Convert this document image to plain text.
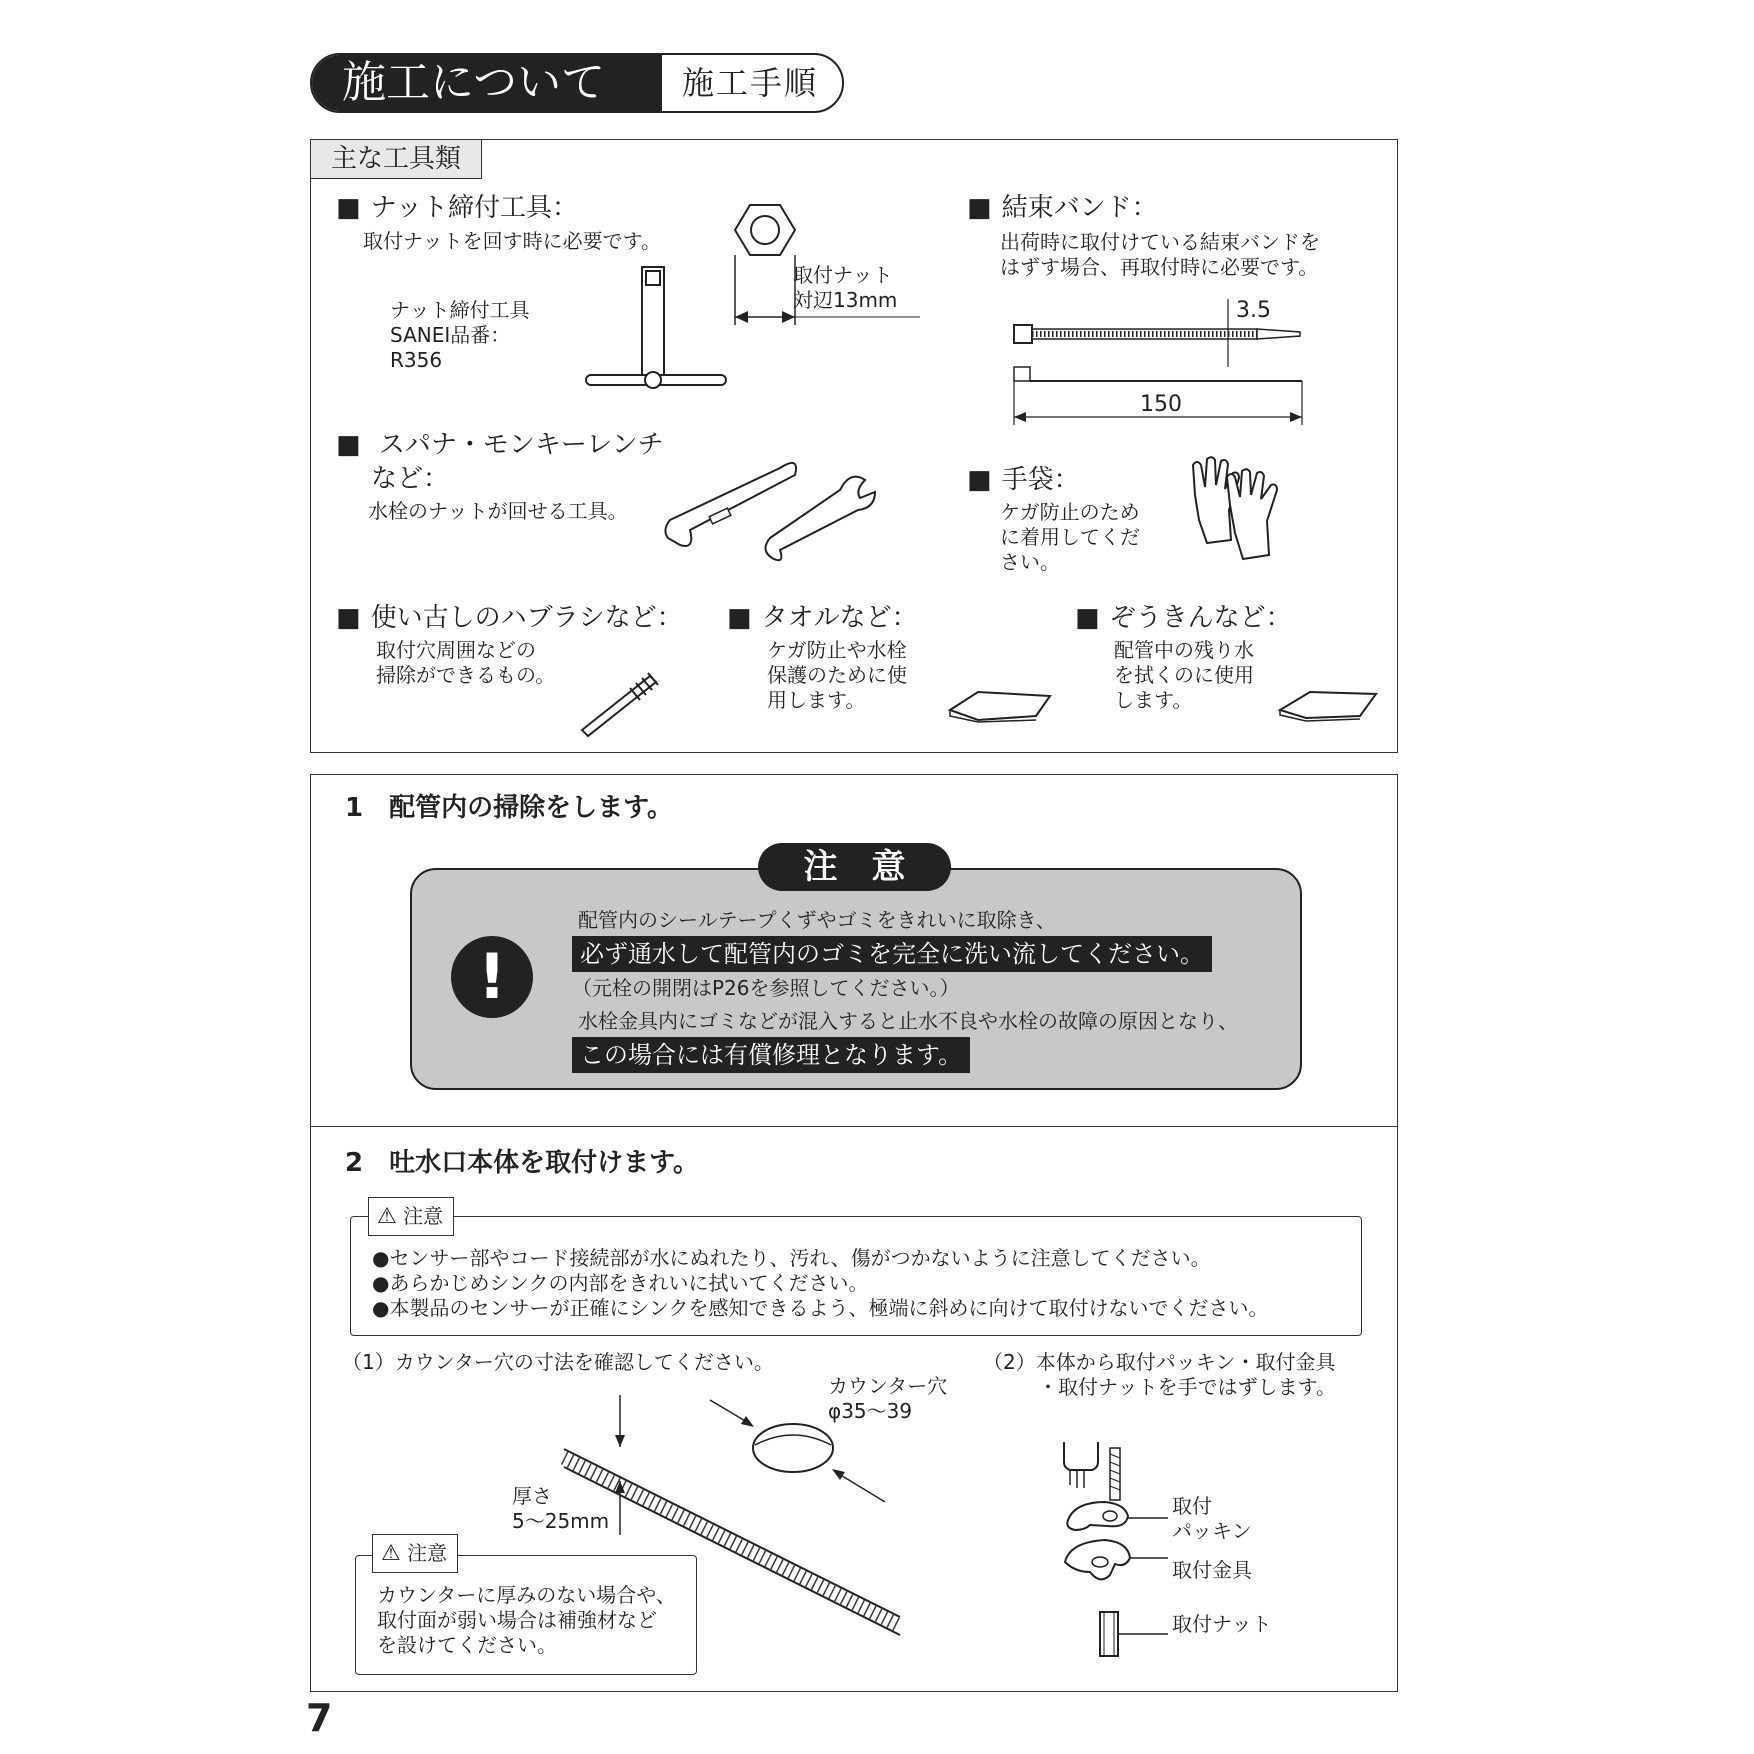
施工について	施工手順
主な工具類
■ ナット締付工具：
取付ナットを回す時に必要です。
ナット締付工具
SANEI品番：
R356
取付ナット
対辺13mm
■ 結束バンド：
出荷時に取付けている結束バンドを
はずす場合、再取付時に必要です。
3.5
150
■ スパナ・モンキーレンチ
など：
水栓のナットが回せる工具。
■ 手袋：
ケガ防止のため
に着用してくだ
さい。
■ 使い古しのハブラシなど：
取付穴周囲などの
掃除ができるもの。
■ タオルなど：
ケガ防止や水栓
保護のために使
用します。
■ ぞうきんなど：
配管中の残り水
を拭くのに使用
します。
1　配管内の掃除をします。
注　意
!
配管内のシールテープくずやゴミをきれいに取除き、
必ず通水して配管内のゴミを完全に洗い流してください。
（元栓の開閉はP26を参照してください。）
水栓金具内にゴミなどが混入すると止水不良や水栓の故障の原因となり、
この場合には有償修理となります。
2　吐水口本体を取付けます。
⚠ 注意
●センサー部やコード接続部が水にぬれたり、汚れ、傷がつかないように注意してください。
●あらかじめシンクの内部をきれいに拭いてください。
●本製品のセンサーが正確にシンクを感知できるよう、極端に斜めに向けて取付けないでください。
（1）カウンター穴の寸法を確認してください。
カウンター穴
φ35～39
厚さ
5～25mm
⚠ 注意
カウンターに厚みのない場合や、
取付面が弱い場合は補強材など
を設けてください。
（2）本体から取付パッキン・取付金具
・取付ナットを手ではずします。
取付
パッキン
取付金具
取付ナット
7
